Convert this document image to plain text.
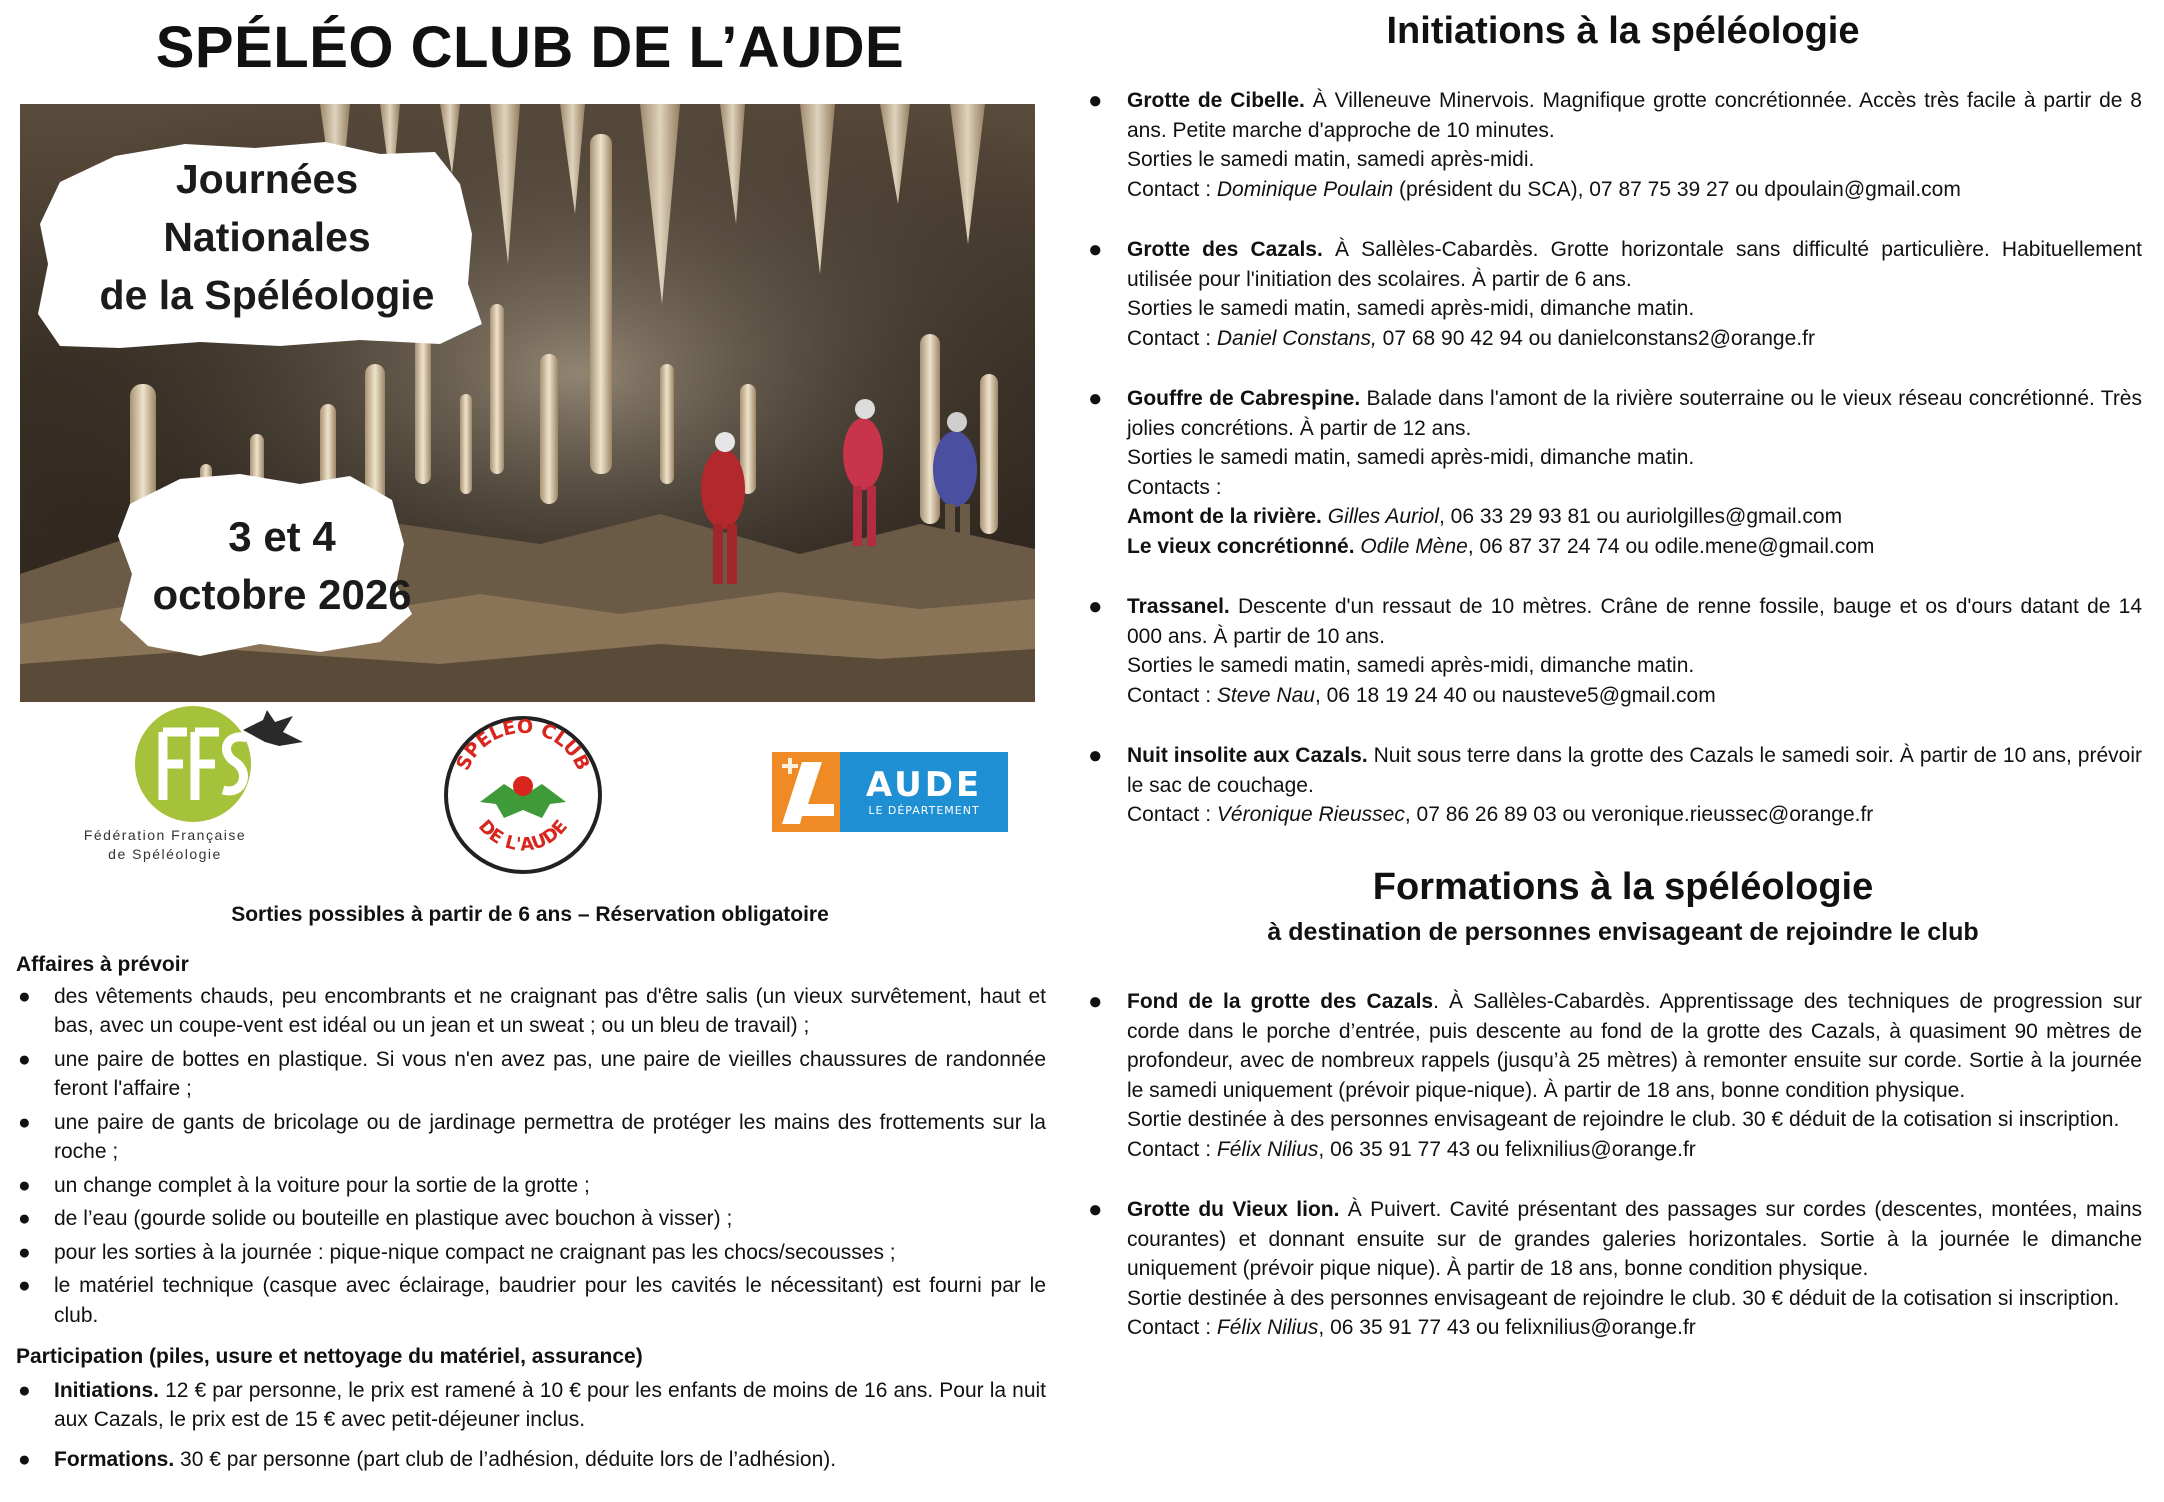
SPÉLÉO CLUB DE L’AUDE
Journées
Nationales
de la Spéléologie
3 et 4
octobre 2026
Fédération Française
de Spéléologie
SPELEO CLUB
DE L'AUDE
AUDE
LE DÉPARTEMENT
Sorties possibles à partir de 6 ans – Réservation obligatoire
Affaires à prévoir
● des vêtements chauds, peu encombrants et ne craignant pas d'être salis (un vieux survêtement, haut et bas, avec un coupe-vent est idéal ou un jean et un sweat ; ou un bleu de travail) ;
● une paire de bottes en plastique. Si vous n'en avez pas, une paire de vieilles chaussures de randonnée feront l'affaire ;
● une paire de gants de bricolage ou de jardinage permettra de protéger les mains des frottements sur la roche ;
● un change complet à la voiture pour la sortie de la grotte ;
● de l’eau (gourde solide ou bouteille en plastique avec bouchon à visser) ;
● pour les sorties à la journée : pique-nique compact ne craignant pas les chocs/secousses ;
● le matériel technique (casque avec éclairage, baudrier pour les cavités le nécessitant) est fourni par le club.
Participation (piles, usure et nettoyage du matériel, assurance)
● Initiations. 12 € par personne, le prix est ramené à 10 € pour les enfants de moins de 16 ans. Pour la nuit aux Cazals, le prix est de 15 € avec petit-déjeuner inclus.
● Formations. 30 € par personne (part club de l’adhésion, déduite lors de l’adhésion).
Initiations à la spéléologie
● Grotte de Cibelle. À Villeneuve Minervois. Magnifique grotte concrétionnée. Accès très facile à partir de 8 ans. Petite marche d'approche de 10 minutes.

Sorties le samedi matin, samedi après-midi.

Contact : Dominique Poulain (président du SCA), 07 87 75 39 27 ou dpoulain@gmail.com

● Grotte des Cazals. À Sallèles-Cabardès. Grotte horizontale sans difficulté particulière. Habituellement utilisée pour l'initiation des scolaires. À partir de 6 ans.

Sorties le samedi matin, samedi après-midi, dimanche matin.

Contact : Daniel Constans, 07 68 90 42 94 ou danielconstans2@orange.fr

● Gouffre de Cabrespine. Balade dans l'amont de la rivière souterraine ou le vieux réseau concrétionné. Très jolies concrétions. À partir de 12 ans.

Sorties le samedi matin, samedi après-midi, dimanche matin.

Contacts :

Amont de la rivière. Gilles Auriol, 06 33 29 93 81 ou auriolgilles@gmail.com

Le vieux concrétionné. Odile Mène, 06 87 37 24 74 ou odile.mene@gmail.com

● Trassanel. Descente d'un ressaut de 10 mètres. Crâne de renne fossile, bauge et os d'ours datant de 14 000 ans. À partir de 10 ans.

Sorties le samedi matin, samedi après-midi, dimanche matin.

Contact : Steve Nau, 06 18 19 24 40 ou nausteve5@gmail.com

● Nuit insolite aux Cazals. Nuit sous terre dans la grotte des Cazals le samedi soir. À partir de 10 ans, prévoir le sac de couchage.

Contact : Véronique Rieussec, 07 86 26 89 03 ou veronique.rieussec@orange.fr

Formations à la spéléologie
à destination de personnes envisageant de rejoindre le club
● Fond de la grotte des Cazals. À Sallèles-Cabardès. Apprentissage des techniques de progression sur corde dans le porche d’entrée, puis descente au fond de la grotte des Cazals, à quasiment 90 mètres de profondeur, avec de nombreux rappels (jusqu’à 25 mètres) à remonter ensuite sur corde. Sortie à la journée le samedi uniquement (prévoir pique-nique). À partir de 18 ans, bonne condition physique.

Sortie destinée à des personnes envisageant de rejoindre le club. 30 € déduit de la cotisation si inscription.

Contact : Félix Nilius, 06 35 91 77 43 ou felixnilius@orange.fr

● Grotte du Vieux lion. À Puivert. Cavité présentant des passages sur cordes (descentes, montées, mains courantes) et donnant ensuite sur de grandes galeries horizontales. Sortie à la journée le dimanche uniquement (prévoir pique nique). À partir de 18 ans, bonne condition physique.

Sortie destinée à des personnes envisageant de rejoindre le club. 30 € déduit de la cotisation si inscription.

Contact : Félix Nilius, 06 35 91 77 43 ou felixnilius@orange.fr
